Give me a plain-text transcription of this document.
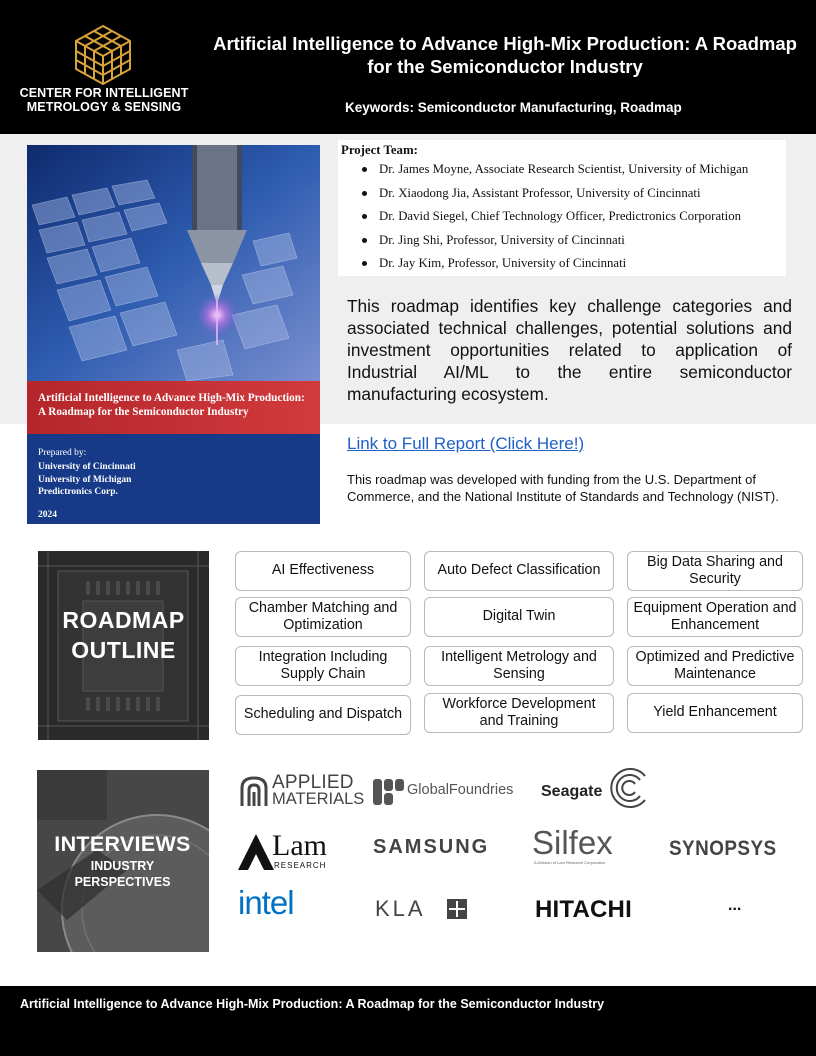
CENTER FOR INTELLIGENT METROLOGY & SENSING
Artificial Intelligence to Advance High-Mix Production: A Roadmap for the Semiconductor Industry
Keywords: Semiconductor Manufacturing, Roadmap
Artificial Intelligence to Advance High-Mix Production: A Roadmap for the Semiconductor Industry
Prepared by:
University of Cincinnati
University of Michigan
Predictronics Corp.
2024
Project Team:
Dr. James Moyne, Associate Research Scientist, University of Michigan
Dr. Xiaodong Jia, Assistant Professor, University of Cincinnati
Dr. David Siegel, Chief Technology Officer, Predictronics Corporation
Dr. Jing Shi, Professor, University of Cincinnati
Dr. Jay Kim, Professor, University of Cincinnati
This roadmap identifies key challenge categories and associated technical challenges, potential solutions and investment opportunities related to application of Industrial AI/ML to the entire semiconductor manufacturing ecosystem.
Link to Full Report (Click Here!)
This roadmap was developed with funding from the U.S. Department of Commerce, and the National Institute of Standards and Technology (NIST).
ROADMAP
OUTLINE
AI Effectiveness	Auto Defect Classification
Big Data Sharing and Security
Chamber Matching and Optimization
Digital Twin
Equipment Operation and Enhancement
Integration Including Supply Chain
Intelligent Metrology and Sensing
Optimized and Predictive Maintenance
Scheduling and Dispatch
Workforce Development and Training
Yield Enhancement
INTERVIEWS
INDUSTRY
PERSPECTIVES
APPLIED
MATERIALS	GlobalFoundries Seagate
Lam
RESEARCH
SAMSUNG Silfex
A Division of Lam Research Corporation
SYNOPSYS
intel	KLA	HITACHI	...
Artificial Intelligence to Advance High-Mix Production: A Roadmap for the Semiconductor Industry
